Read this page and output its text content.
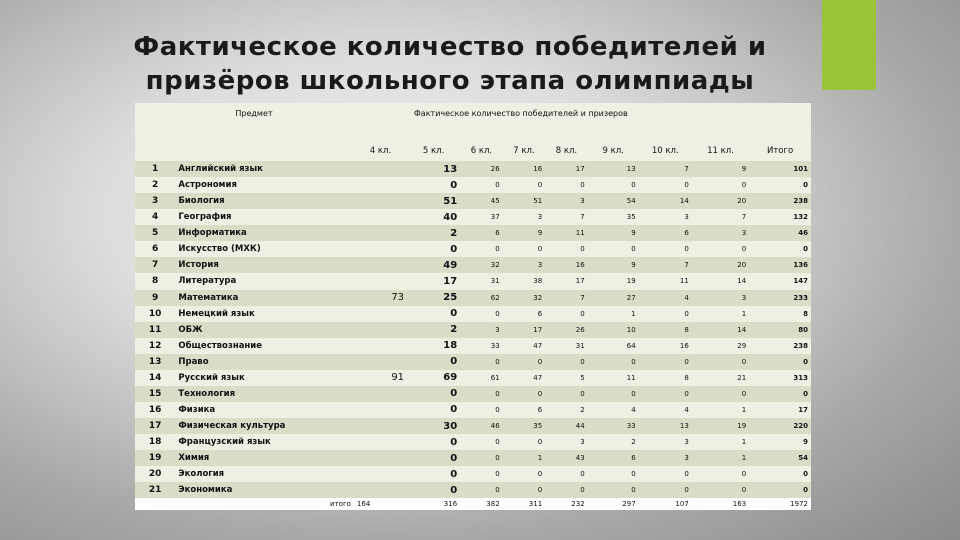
Фактическое количество победителей и
призёров школьного этапа олимпиады
	Предмет	Фактическое количество победителей и призеров								
		4 кл.	5 кл.	6 кл.	7 кл.	8 кл.	9 кл.	10 кл.	11 кл.	Итого
1	Английский язык		13	26	16	17	13	7	9	101
2	Астрономия		0	0	0	0	0	0	0	0
3	Биология		51	45	51	3	54	14	20	238
4	География		40	37	3	7	35	3	7	132
5	Информатика		2	6	9	11	9	6	3	46
6	Искусство (МХК)		0	0	0	0	0	0	0	0
7	История		49	32	3	16	9	7	20	136
8	Литература		17	31	38	17	19	11	14	147
9	Математика	73	25	62	32	7	27	4	3	233
10	Немецкий язык		0	0	6	0	1	0	1	8
11	ОБЖ		2	3	17	26	10	8	14	80
12	Обществознание		18	33	47	31	64	16	29	238
13	Право		0	0	0	0	0	0	0	0
14	Русский язык	91	69	61	47	5	11	8	21	313
15	Технология		0	0	0	0	0	0	0	0
16	Физика		0	0	6	2	4	4	1	17
17	Физическая культура		30	46	35	44	33	13	19	220
18	Французский язык		0	0	0	3	2	3	1	9
19	Химия		0	0	1	43	6	3	1	54
20	Экология		0	0	0	0	0	0	0	0
21	Экономика		0	0	0	0	0	0	0	0
	итого	164	316	382	311	232	297	107	163	1972
